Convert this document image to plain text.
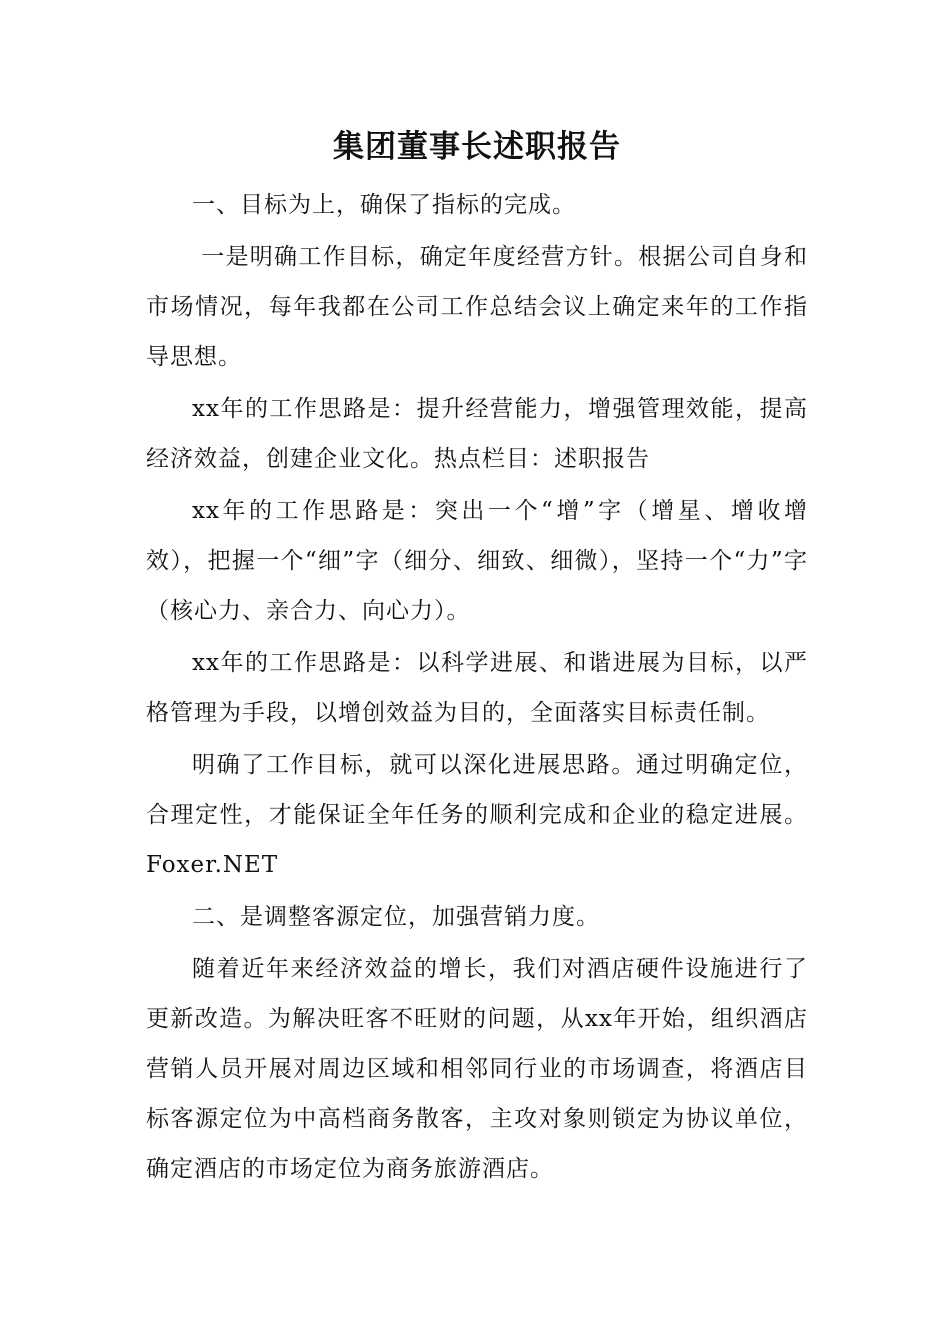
集团董事长述职报告

一、目标为上，确保了指标的完成。

一是明确工作目标，确定年度经营方针。根据公司自身和市场情况，每年我都在公司工作总结会议上确定来年的工作指导思想。

xx年的工作思路是：提升经营能力，增强管理效能，提高经济效益，创建企业文化。热点栏目：述职报告

xx年的工作思路是：突出一个“增”字（增星、增收增效），把握一个“细”字（细分、细致、细微），坚持一个“力”字（核心力、亲合力、向心力）。

xx年的工作思路是：以科学进展、和谐进展为目标，以严格管理为手段，以增创效益为目的，全面落实目标责任制。

明确了工作目标，就可以深化进展思路。通过明确定位，合理定性，才能保证全年任务的顺利完成和企业的稳定进展。Foxer.NET

二、是调整客源定位，加强营销力度。

随着近年来经济效益的增长，我们对酒店硬件设施进行了更新改造。为解决旺客不旺财的问题，从xx年开始，组织酒店营销人员开展对周边区域和相邻同行业的市场调查，将酒店目标客源定位为中高档商务散客，主攻对象则锁定为协议单位，确定酒店的市场定位为商务旅游酒店。
